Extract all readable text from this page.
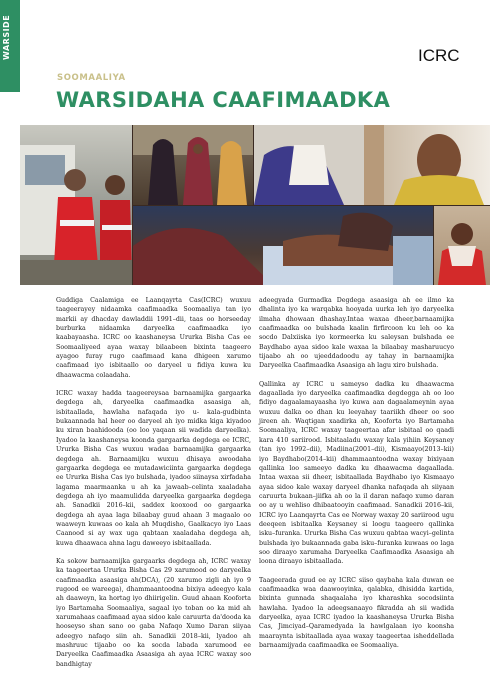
WARSIDE	ICRC
SOOMAALIYA
WARSIDAHA CAAFIMAADKA

Guddiga Caalamiga ee Laanqayrta Cas(ICRC) wuxuu taageerayey nidaamka caafimaadka Soomaaliya tan iyo markii ay dhacday dawladdii 1991–dii, taas oo horseeday burburka nidaamka daryeelka caafimaadka iyo kaabayaasha. ICRC oo kaashaneysa Ururka Bisha Cas ee Soomaaliyeed ayaa waxay bilaabeen bixinta taageero ayagoo furay rugo caafimaad kana dhigeen xarumo caafimaad iyo isbitaallo oo daryeel u fidiya kuwa ku dhaawacma colaadaha.

ICRC waxay hadda taageereysaa barnaamijka gargaarka degdega ah, daryeelka caafimaadka asaasiga ah, isbitaallada, hawlaha nafaqada iyo u- kala-gudbinta bukaannada hal heer oo daryeel ah iyo midka kiga kiyadoo ku xiran baahidooda (oo loo yaqaan sii wadida daryeelka). Iyadoo la kaashaneysa koonda gargaarka degdega ee ICRC, Ururka Bisha Cas wuxuu wadaa barnaamijka gargaarka degdega ah. Barnaamijku wuxuu dhisaya awoodaha gargaarka degdega ee mutadawiciinta gargaarka degdega ee Ururka Bisha Cas iyo bulshada, iyadoo siinaysa xirfadaha lagama maarmaanka u ah ka jawaab–celinta xaaladaha degdega ah iyo maamulidda daryeelka gargaarka degdega ah. Sanadkii 2016–kii, saddex kooxood oo gargaarka degdega ah ayaa laga bilaabay guud ahaan 3 magaalo oo waaweyn kuwaas oo kala ah Muqdisho, Gaalkacyo iyo Laas Caanood si ay wax uga qabtaan xaaladaha degdega ah, kuwa dhaawaca ahna lagu daweeyo isbitaallada.

Ka sokow barnaamijka gargaarks degdega ah, ICRC waxay ka taageertaa Ururka Bisha Cas 29 xarumood oo daryeelka caafimaadka asaasiga ah(DCA), (20 xarumo zigli ah iyo 9 rugood ee wareega), dhammaantoodna bixiya adeegyo kala ah daaweyn, ka hortag iyo dhiirigelin. Guud ahaan Kooforta iyo Bartamaha Soomaaliya, sagaal iyo toban oo ka mid ah xarumahaas caafimaad ayaa sidoo kale caruurta da'dooda ka hooseyso shan sano oo gaba Nafaqo Xumo Daran siiyaa adeegyo nafaqo siin ah. Sanadkii 2018–kii, lyadoo ah mashruuc tijaabo oo ka socda labada xarumood ee Daryeelka Caafimaadka Asaasiga ah ayaa ICRC waxay soo bandhigtay

adeegyada Gurmadka Degdega asaasiga ah ee ilmo ka dhalinta iyo ka warqabka hooyada uurka leh iyo daryeelka ilmaha dhowaan dhashay.Intaa waxaa dheer,barnaamijka caafimaadka oo bulshada kaalin firfircoon ku leh oo ka socdo Dalxiiska iyo kormeerka ku saleysan bulshada ee Baydhabo ayaa sidoo kale waxaa la bilaabay masharuucyo tijaabo ah oo ujeeddadoodu ay tahay in barnaamijka Daryeelka Caafimaadka Asaasiga ah lagu xiro bulshada.

Qallinka ay ICRC u sameyso dadka ku dhaawacma dagaallada iyo daryeelka caafimaadka degdegga ah oo loo fidiyo dagaalamayaasha iyo kuwa aan dagaalameynin ayaa wuxuu dalka oo dhan ku leeyahay taariikh dheer oo soo jireen ah. Waqtigan xaadirka ah, Kooforta iyo Bartamaha Soomaaliya, ICRC waxay taageertaa afar isbitaal oo qaadi kara 410 sariirood. Isbitaaladu waxay kala yihiin Keysaney (tan iyo 1992–dii), Madiina(2001–dii), Kismaayo(2013–kii) iyo Baydhabo(2014–kii) dhammaantoodna waxay bixiyaan qallinka loo sameeyo dadka ku dhaawacma dagaallada. Intaa waxaa sii dheer, isbitaallada Baydhabo iyo Kismaayo ayaa sidoo kale waxay daryeel dhanka nafaqada ah siiyaan caruurta bukaan–jiifka ah oo la il daran nafaqo xumo daran oo ay u wehliso dhibaatooyin caafimaad. Sanadkii 2016–kii, ICRC iyo Laanqayrta Cas ee Norway waxay 20 sariirood ugu deeqeen isbitaalka Keysaney si loogu taageero qallinka isku–furanka. Ururka Bisha Cas wuxuu qabtaa wacyi–gelinta bulshada iyo bukaannada gaba isku–furanka kuwaas oo laga soo diraayo xarumaha Daryeelka Caafimaadka Asaasiga ah loona diraayo isbitaallada.

Taageerada guud ee ay ICRC siiso qaybaha kala duwan ee caafimaadka waa daawooyinka, qalabka, dhisidda kartida, bixinta gunnada shaqaalaha iyo kharashka socodsiinta hawlaha. Iyadoo la adeegsanaayo fikradda ah sii wadida daryeelka, ayaa ICRC iyadoo la kaashaneysa Ururka Bisha Cas, Jimciyad–Qaramedyada la hawlgalaan iyo koonsha maaraynta isbitaallada ayaa waxay taageertaa isheddellada barnaamijyada caafimaadka ee Soomaaliya.
